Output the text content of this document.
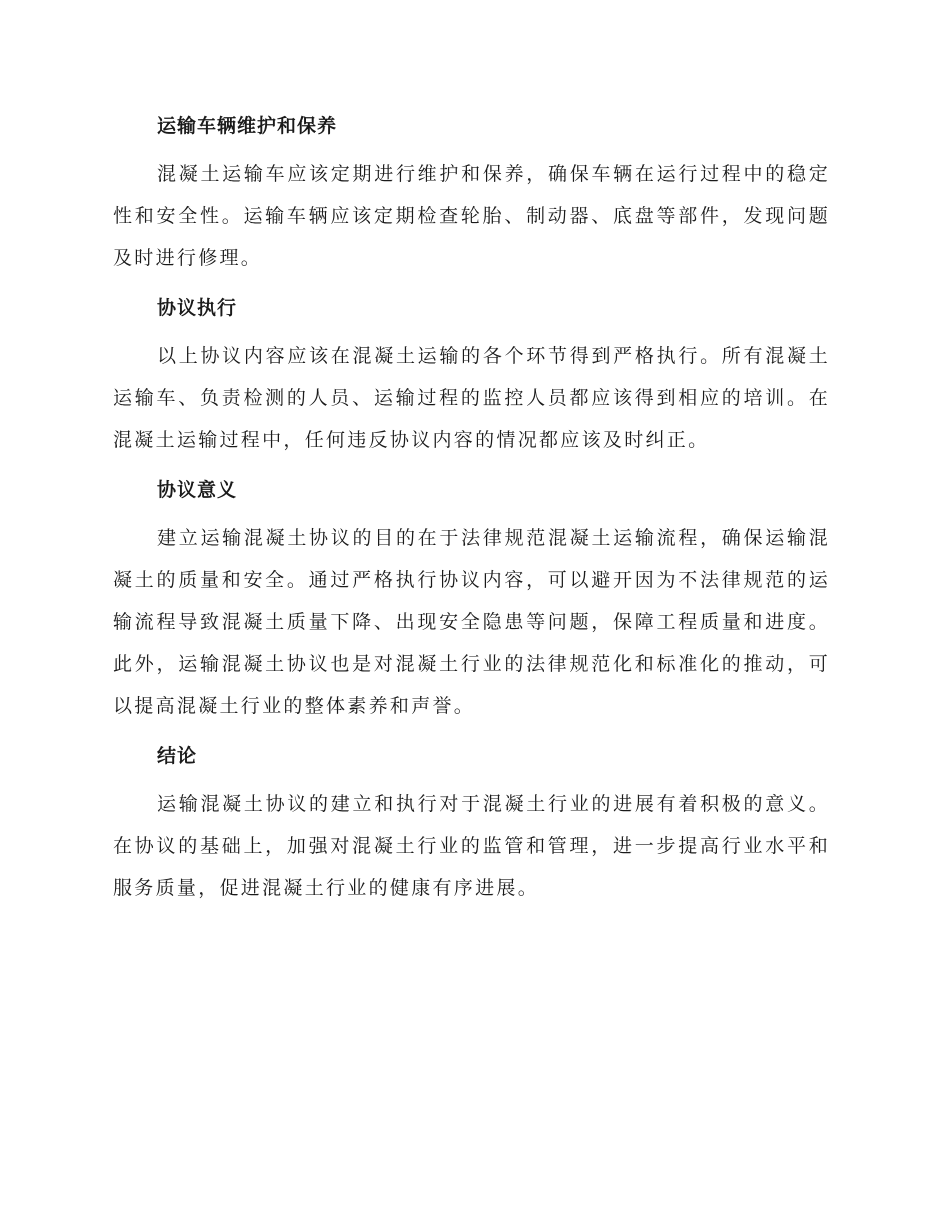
运输车辆维护和保养

混凝土运输车应该定期进行维护和保养，确保车辆在运行过程中的稳定性和安全性。运输车辆应该定期检查轮胎、制动器、底盘等部件，发现问题及时进行修理。

协议执行

以上协议内容应该在混凝土运输的各个环节得到严格执行。所有混凝土运输车、负责检测的人员、运输过程的监控人员都应该得到相应的培训。在混凝土运输过程中，任何违反协议内容的情况都应该及时纠正。

协议意义

建立运输混凝土协议的目的在于法律规范混凝土运输流程，确保运输混凝土的质量和安全。通过严格执行协议内容，可以避开因为不法律规范的运输流程导致混凝土质量下降、出现安全隐患等问题，保障工程质量和进度。此外，运输混凝土协议也是对混凝土行业的法律规范化和标准化的推动，可以提高混凝土行业的整体素养和声誉。

结论

运输混凝土协议的建立和执行对于混凝土行业的进展有着积极的意义。在协议的基础上，加强对混凝土行业的监管和管理，进一步提高行业水平和服务质量，促进混凝土行业的健康有序进展。
